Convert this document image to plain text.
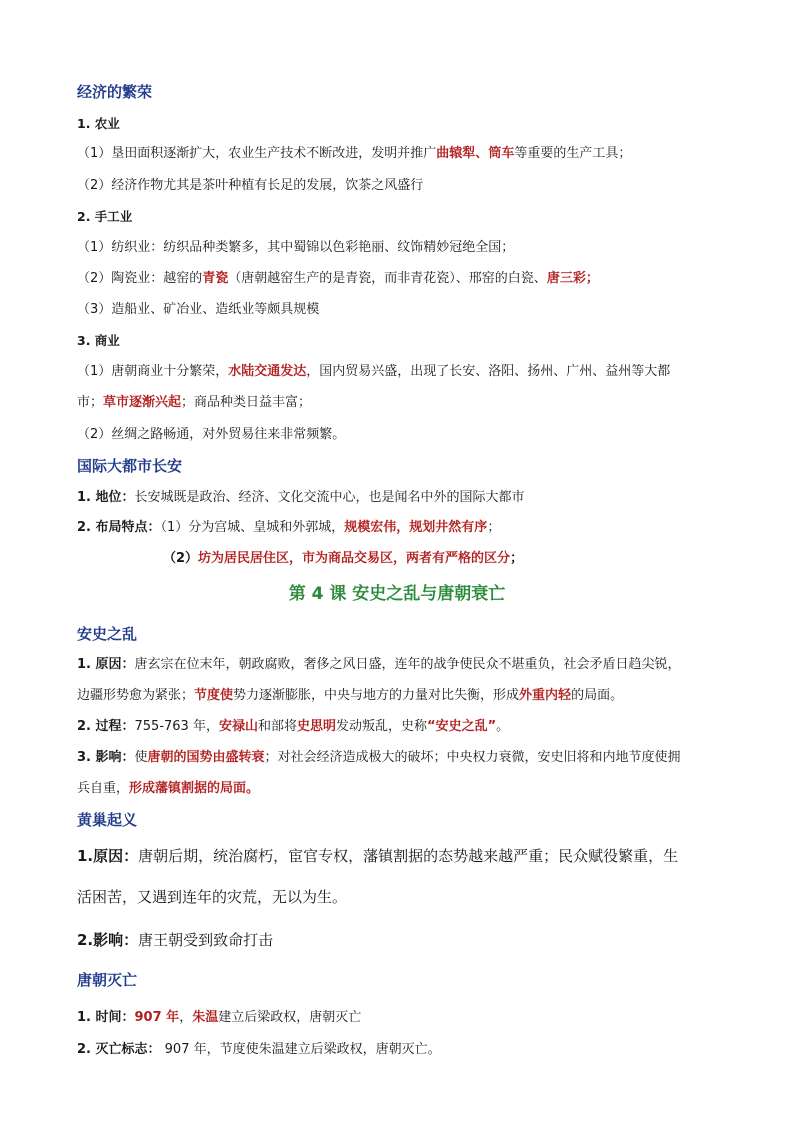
经济的繁荣
1. 农业
（1）垦田面积逐渐扩大，农业生产技术不断改进，发明并推广曲辕犁、筒车等重要的生产工具；
（2）经济作物尤其是茶叶种植有长足的发展，饮茶之风盛行
2. 手工业
（1）纺织业：纺织品种类繁多，其中蜀锦以色彩艳丽、纹饰精妙冠绝全国；
（2）陶瓷业：越窑的青瓷（唐朝越窑生产的是青瓷，而非青花瓷）、邢窑的白瓷、唐三彩；
（3）造船业、矿冶业、造纸业等颇具规模
3. 商业
（1）唐朝商业十分繁荣，水陆交通发达，国内贸易兴盛，出现了长安、洛阳、扬州、广州、益州等大都
市；草市逐渐兴起；商品种类日益丰富；
（2）丝绸之路畅通，对外贸易往来非常频繁。
国际大都市长安
1. 地位：长安城既是政治、经济、文化交流中心，也是闻名中外的国际大都市
2. 布局特点：（1）分为宫城、皇城和外郭城，规模宏伟，规划井然有序；
（2）坊为居民居住区，市为商品交易区，两者有严格的区分；
第 4 课 安史之乱与唐朝衰亡
安史之乱
1. 原因：唐玄宗在位末年，朝政腐败，奢侈之风日盛，连年的战争使民众不堪重负，社会矛盾日趋尖锐，
边疆形势愈为紧张；节度使势力逐渐膨胀，中央与地方的力量对比失衡，形成外重内轻的局面。
2. 过程：755-763 年，安禄山和部将史思明发动叛乱，史称“安史之乱”。
3. 影响：使唐朝的国势由盛转衰；对社会经济造成极大的破坏；中央权力衰微，安史旧将和内地节度使拥
兵自重，形成藩镇割据的局面。
黄巢起义
1.原因：唐朝后期，统治腐朽，宦官专权，藩镇割据的态势越来越严重；民众赋役繁重，生
活困苦，又遇到连年的灾荒，无以为生。
2.影响：唐王朝受到致命打击
唐朝灭亡
1. 时间：907 年，朱温建立后梁政权，唐朝灭亡
2. 灭亡标志： 907 年，节度使朱温建立后梁政权，唐朝灭亡。
